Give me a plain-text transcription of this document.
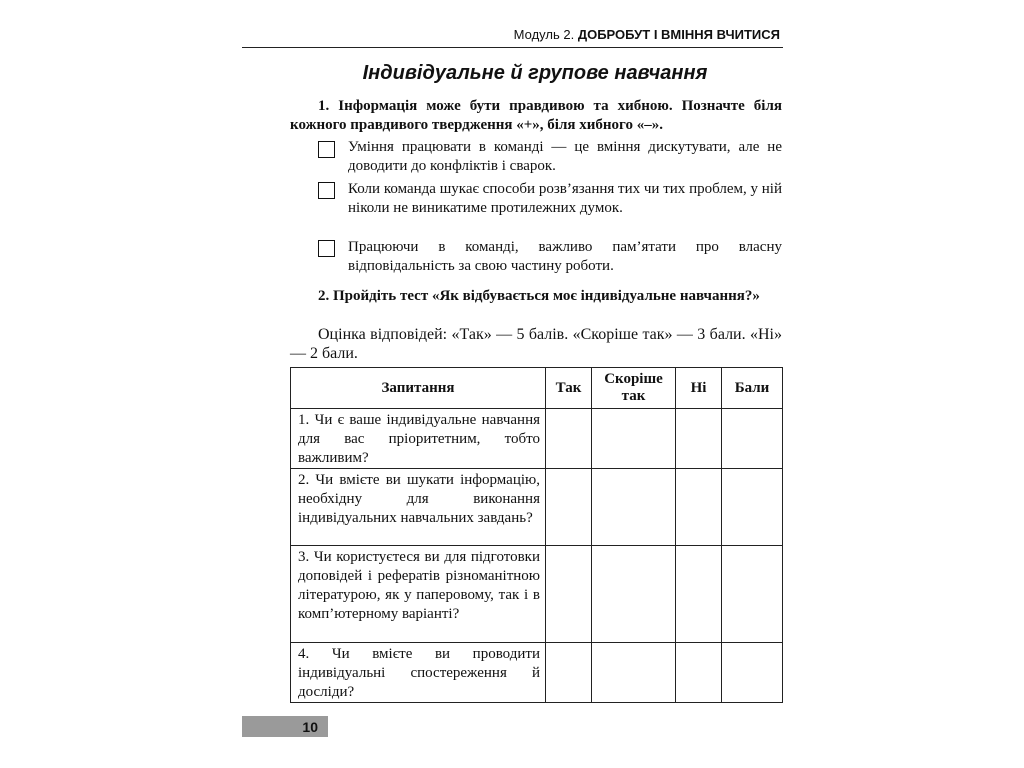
Модуль 2. ДОБРОБУТ І ВМІННЯ ВЧИТИСЯ
Індивідуальне й групове навчання
1. Інформація може бути правдивою та хибною. Позначте біля кожного правдивого твердження «+», біля хибного «–».
Уміння працювати в команді — це вміння дискутувати, але не доводити до конфліктів і сварок.
Коли команда шукає способи розв’язання тих чи тих проблем, у ній ніколи не виникатиме протилежних думок.
Працюючи в команді, важливо пам’ятати про власну відповідальність за свою частину роботи.
2. Пройдіть тест «Як відбувається моє індивідуальне навчання?»
Оцінка відповідей: «Так» — 5 балів. «Скоріше так» — 3 бали. «Ні» — 2 бали.
Запитання	Так	Скоріше так	Ні	Бали
1. Чи є ваше індивідуальне навчання для вас пріоритетним, тобто важливим?				
2. Чи вмієте ви шукати інформацію, необхідну для виконання індивідуальних навчальних завдань?				
3. Чи користуєтеся ви для підготовки доповідей і рефератів різноманітною літературою, як у паперовому, так і в комп’ютерному варіанті?				
4. Чи вмієте ви проводити індивідуальні спостереження й досліди?				
10
